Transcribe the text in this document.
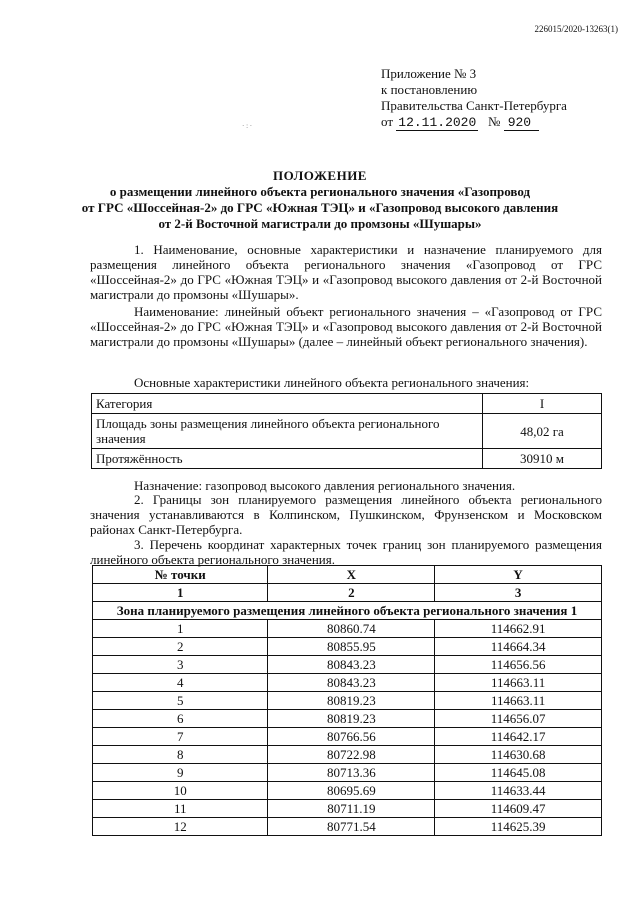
226015/2020-13263(1)
· : ·
Приложение № 3
к постановлению
Правительства Санкт-Петербурга
от 12.11.2020 № 920
ПОЛОЖЕНИЕ
о размещении линейного объекта регионального значения «Газопровод
от ГРС «Шоссейная-2» до ГРС «Южная ТЭЦ» и «Газопровод высокого давления
от 2-й Восточной магистрали до промзоны «Шушары»
1. Наименование, основные характеристики и назначение планируемого для размещения линейного объекта регионального значения «Газопровод от ГРС «Шоссейная-2» до ГРС «Южная ТЭЦ» и «Газопровод высокого давления от 2-й Восточной магистрали до промзоны «Шушары».
Наименование: линейный объект регионального значения – «Газопровод от ГРС «Шоссейная-2» до ГРС «Южная ТЭЦ» и «Газопровод высокого давления от 2-й Восточной магистрали до промзоны «Шушары» (далее – линейный объект регионального значения).
Основные характеристики линейного объекта регионального значения:
Категория	I
Площадь зоны размещения линейного объекта регионального значения	48,02 га
Протяжённость	30910 м
Назначение: газопровод высокого давления регионального значения.
2. Границы зон планируемого размещения линейного объекта регионального значения устанавливаются в Колпинском, Пушкинском, Фрунзенском и Московском районах Санкт-Петербурга.
3. Перечень координат характерных точек границ зон планируемого размещения линейного объекта регионального значения.
№ точки	X	Y
1	2	3
Зона планируемого размещения линейного объекта регионального значения 1		
1	80860.74	114662.91
2	80855.95	114664.34
3	80843.23	114656.56
4	80843.23	114663.11
5	80819.23	114663.11
6	80819.23	114656.07
7	80766.56	114642.17
8	80722.98	114630.68
9	80713.36	114645.08
10	80695.69	114633.44
11	80711.19	114609.47
12	80771.54	114625.39
